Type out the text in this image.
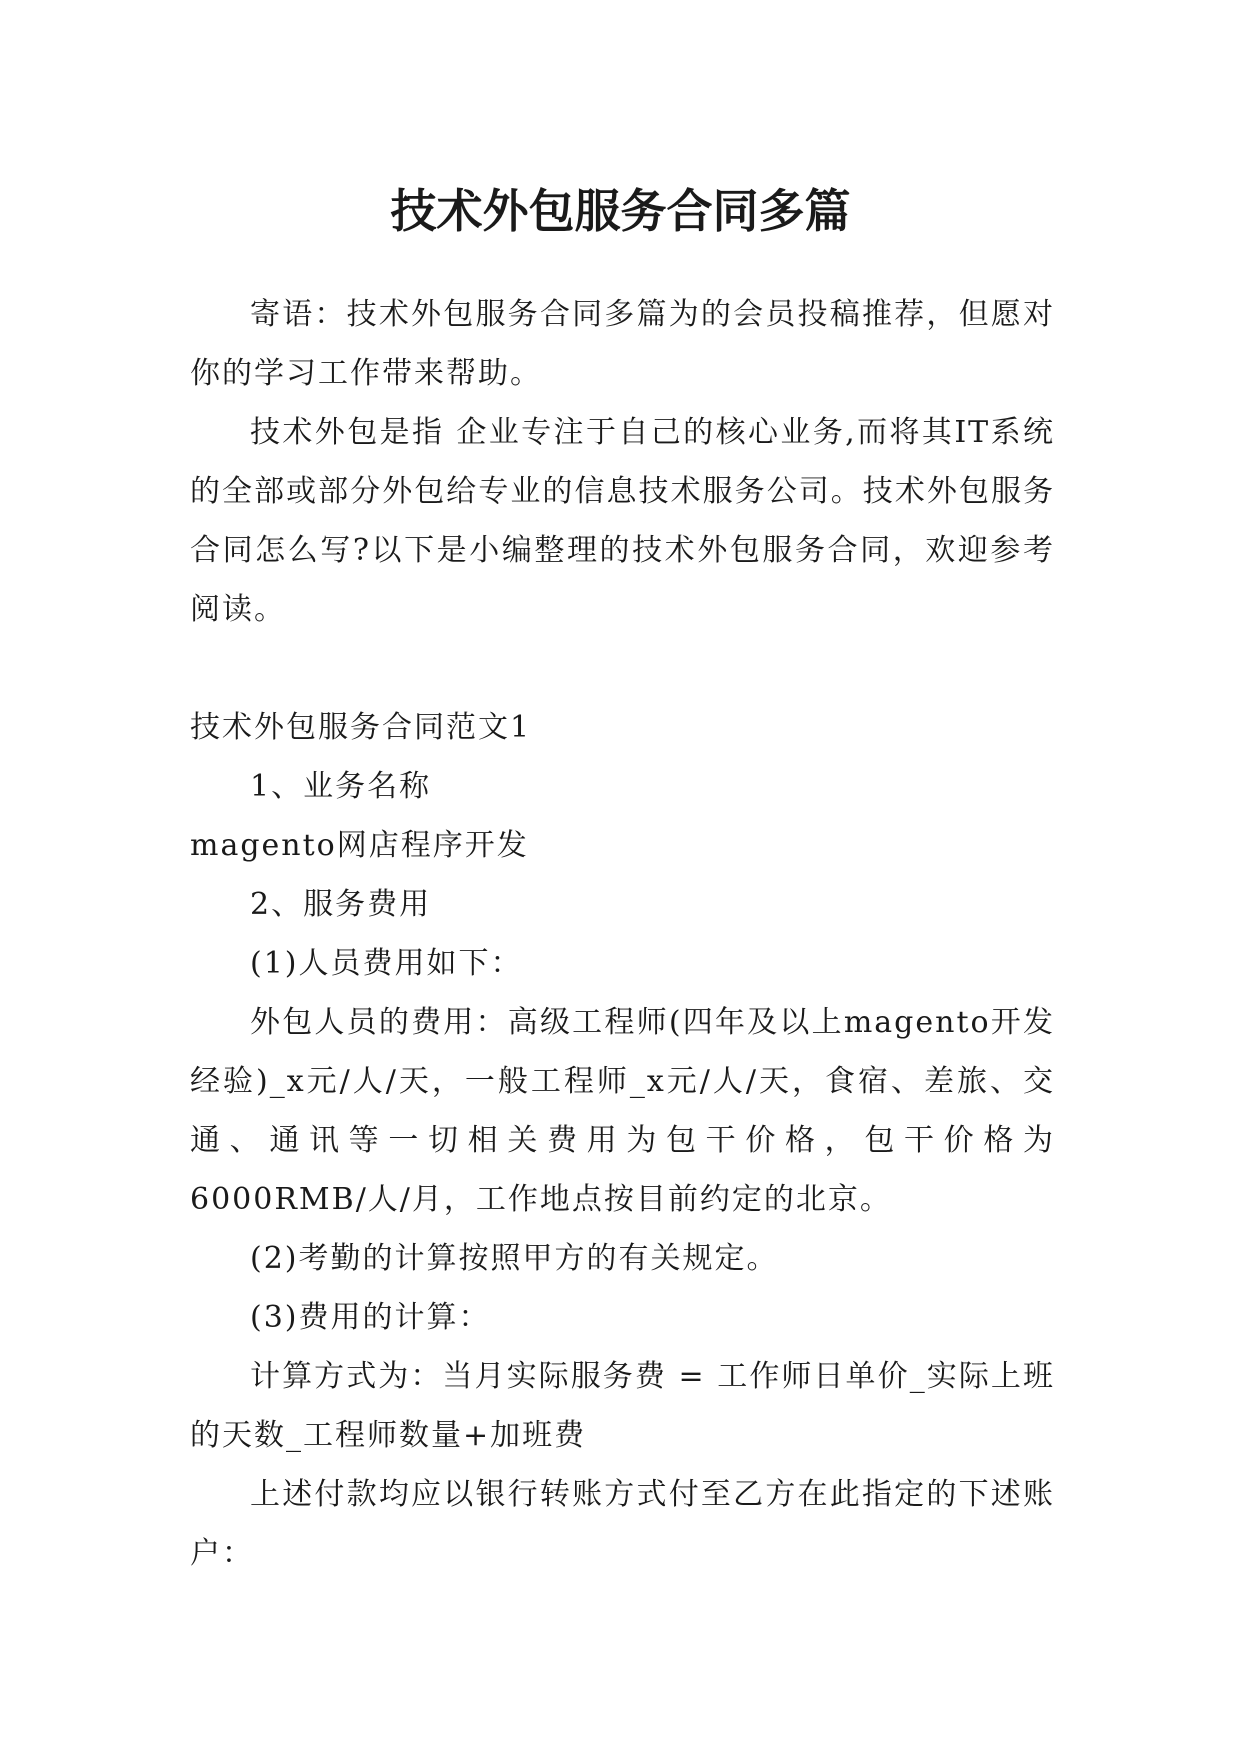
技术外包服务合同多篇

寄语：技术外包服务合同多篇为的会员投稿推荐，但愿对你的学习工作带来帮助。

技术外包是指 企业专注于自己的核心业务,而将其IT系统的全部或部分外包给专业的信息技术服务公司。技术外包服务合同怎么写?以下是小编整理的技术外包服务合同，欢迎参考阅读。

技术外包服务合同范文1

1、业务名称

magento网店程序开发

2、服务费用

(1)人员费用如下：

外包人员的费用：高级工程师(四年及以上magento开发经验)_x元/人/天，一般工程师_x元/人/天，食宿、差旅、交通、通讯等一切相关费用为包干价格，包干价格为6000RMB/人/月，工作地点按目前约定的北京。

(2)考勤的计算按照甲方的有关规定。

(3)费用的计算：

计算方式为：当月实际服务费 = 工作师日单价_实际上班的天数_工程师数量+加班费

上述付款均应以银行转账方式付至乙方在此指定的下述账户：
